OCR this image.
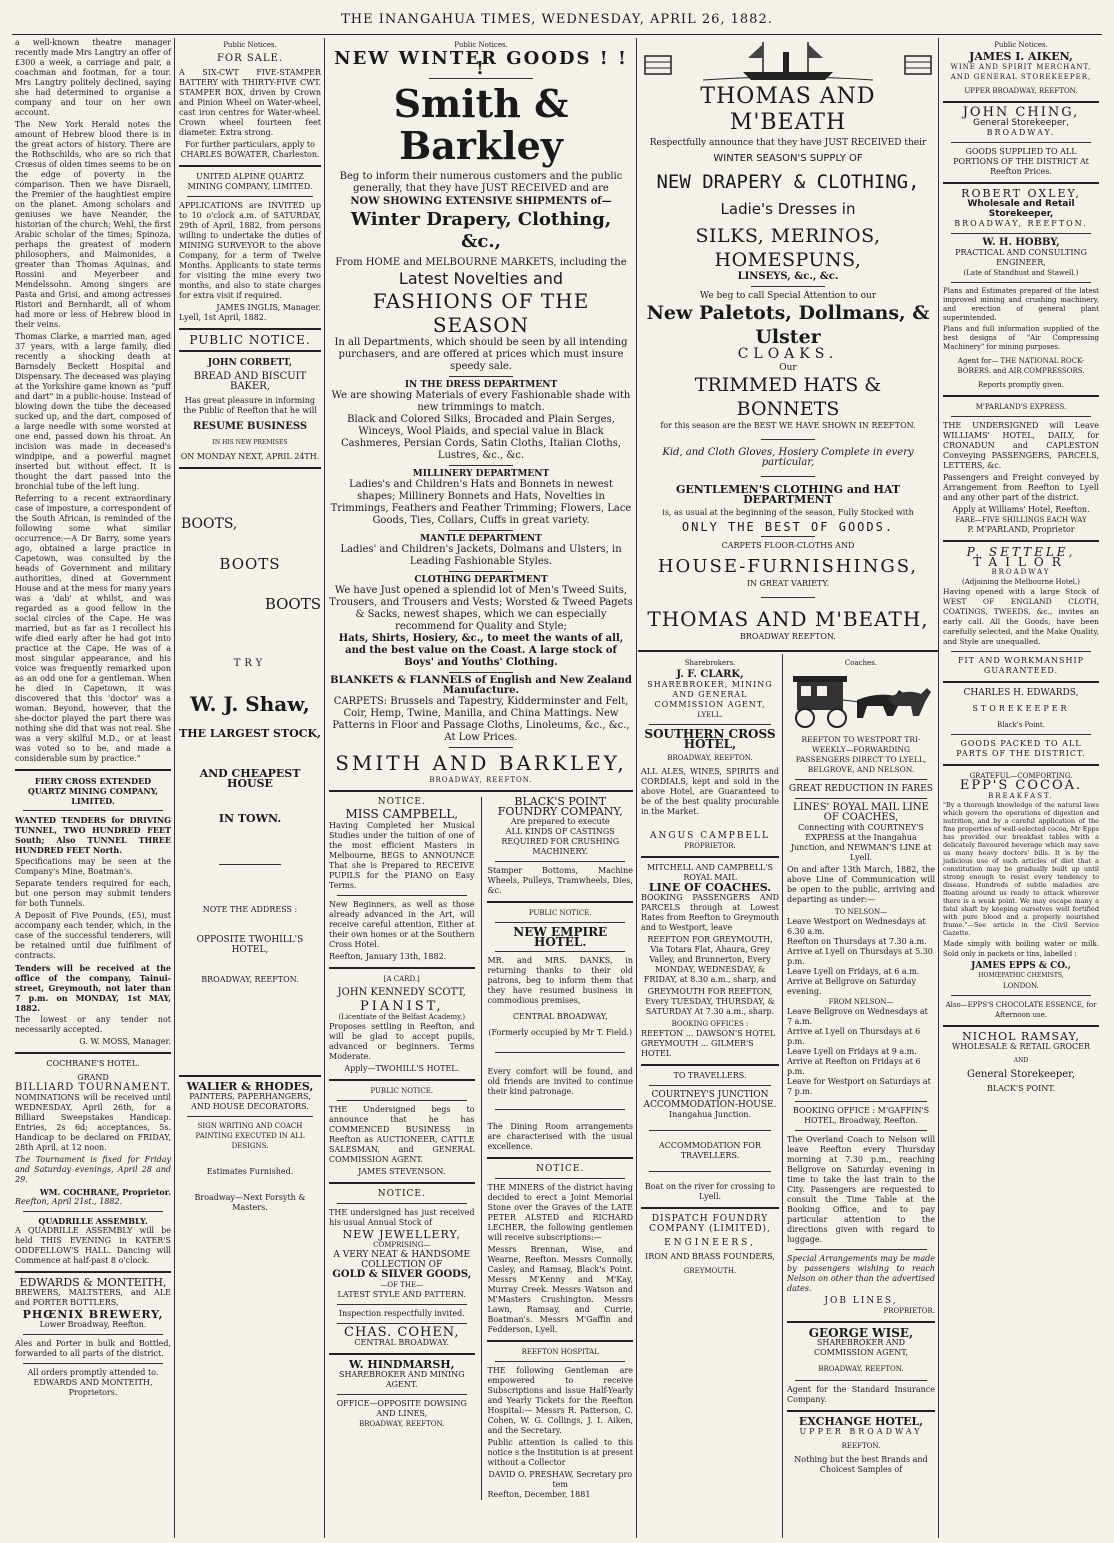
THE INANGAHUA TIMES, WEDNESDAY, APRIL 26, 1882.

a well-known theatre manager recently made Mrs Langtry an offer of £300 a week, a carriage and pair, a coachman and footman, for a tour. Mrs Langtry politely declined, saying she had determined to organise a company and tour on her own account.

The New York Herald notes the amount of Hebrew blood there is in the great actors of history. There are the Rothschilds, who are so rich that Crœsus of olden times seems to be on the edge of poverty in the comparison. Then we have Disraeli, the Premier of the haughtiest empire on the planet. Among scholars and geniuses we have Neander, the historian of the church; Wehl, the first Arabic scholar of the times; Spinoza, perhaps the greatest of modern philosophers, and Maimonides, a greater than Thomas Aquinas, and Rossini and Meyerbeer and Mendelssohn. Among singers are Pasta and Grisi, and among actresses Ristori and Bernhardt, all of whom had more or less of Hebrew blood in their veins.

Thomas Clarke, a married man, aged 37 years, with a large family, died recently a shocking death at Barnsdely Beckett Hospital and Dispensary. The deceased was playing at the Yorkshire game known as "puff and dart" in a public-house. Instead of blowing down the tube the deceased sucked up, and the dart, composed of a large needle with some worsted at one end, passed down his throat. An incision was made in deceased's windpipe, and a powerful magnet inserted but without effect. It is thought the dart passed into the bronchial tube of the left lung.

Referring to a recent extraordinary case of imposture, a correspondent of the South African, is reminded of the following some what similar occurrence:—A Dr Barry, some years ago, obtained a large practice in Capetown, was consulted by the heads of Government and military authorities, dined at Government House and at the mess for many years was a 'dab' at whilst, and was regarded as a good fellow in the social circles of the Cape. He was married, but as far as I recollect his wife died early after he had got into practice at the Cape. He was of a most singular appearance, and his voice was frequently remarked upon as an odd one for a gentleman. When he died in Capetown, it was discovered that this 'doctor' was a woman. Beyond, however, that the she-doctor played the part there was nothing she did that was not real. She was a very skilful M.D., or at least was voted so to be, and made a considerable sum by practice."

FIERY CROSS EXTENDED QUARTZ MINING COMPANY, LIMITED.

WANTED TENDERS for DRIVING TUNNEL, TWO HUNDRED FEET South; Also TUNNEL THREE HUNDRED FEET North.

Specifications may be seen at the Company's Mine, Boatman's.

Separate tenders required for each, but one person may submit tenders for both Tunnels.

A Deposit of Five Pounds, (£5), must accompany each tender, which, in the case of the successful tenderers, will be retained until due fulfilment of contracts.

Tenders will be received at the office of the company, Tainui-street, Greymouth, not later than 7 p.m. on MONDAY, 1st MAY, 1882.

The lowest or any tender not necessarily accepted.

G. W. MOSS, Manager.
COCHRANE'S HOTEL.
GRAND
BILLIARD TOURNAMENT.

NOMINATIONS will be received until WEDNESDAY, April 26th, for a Billiard Sweepstakes Handicap. Entries, 2s 6d; acceptances, 5s. Handicap to be declared on FRIDAY, 28th April, at 12 noon.

The Tournament is fixed for Friday and Saturday evenings, April 28 and 29.

WM. COCHRANE, Proprietor.
Reefton, April 21st., 1882.
QUADRILLE ASSEMBLY.

A QUADRILLE ASSEMBLY will be held THIS EVENING in KATER'S ODDFELLOW'S HALL. Dancing will Commence at half-past 8 o'clock.

EDWARDS & MONTEITH,

BREWERS, MALTSTERS, and ALE and PORTER BOTTLERS,

PHŒNIX BREWERY,
Lower Broadway, Reefton.

Ales and Porter in bulk and Bottled, forwarded to all parts of the district.

All orders promptly attended to.
EDWARDS AND MONTEITH, Proprietors.
Public Notices.
FOR SALE.

A SIX-CWT FIVE-STAMPER BATTERY with THIRTY-FIVE CWT. STAMPER BOX, driven by Crown and Pinion Wheel on Water-wheel, cast iron centres for Water-wheel. Crown wheel fourteen feet diameter. Extra strong.

For further particulars, apply to
CHARLES BOWATER, Charleston.
UNITED ALPINE QUARTZ MINING COMPANY, LIMITED.

APPLICATIONS are INVITED up to 10 o'clock a.m. of SATURDAY, 29th of April, 1882, from persons willing to undertake the duties of MINING SURVEYOR to the above Company, for a term of Twelve Months. Applicants to state terms for visiting the mine every two months, and also to state charges for extra visit if required.

JAMES INGLIS, Manager.
Lyell, 1st April, 1882.
PUBLIC NOTICE.
JOHN CORBETT,
BREAD AND BISCUIT BAKER,
Has great pleasure in informing the Public of Reefton that he will
RESUME BUSINESS
IN HIS NEW PREMISES
ON MONDAY NEXT, APRIL 24TH.
BOOTS,
BOOTS
BOOTS
TRY
W. J. Shaw,
THE LARGEST STOCK,
AND CHEAPEST HOUSE
IN TOWN.
NOTE THE ADDRESS :
OPPOSITE TWOHILL'S HOTEL,
BROADWAY, REEFTON.
WALIER & RHODES,

PAINTERS, PAPERHANGERS, AND HOUSE DECORATORS.

SIGN WRITING AND COACH PAINTING EXECUTED IN ALL DESIGNS.

Estimates Furnished.
Broadway—Next Forsyth & Masters.
Public Notices.
NEW WINTER GOODS ! ! !
Smith & Barkley
Beg to inform their numerous customers and the public generally, that they have JUST RECEIVED and are
NOW SHOWING EXTENSIVE SHIPMENTS of—
Winter Drapery, Clothing, &c.,
From HOME and MELBOURNE MARKETS, including the
Latest Novelties and
FASHIONS OF THE SEASON
In all Departments, which should be seen by all intending purchasers, and are offered at prices which must insure speedy sale.
IN THE DRESS DEPARTMENT
We are showing Materials of every Fashionable shade with new trimmings to match.
Black and Colored Silks, Brocaded and Plain Serges, Winceys, Wool Plaids, and special value in Black Cashmeres, Persian Cords, Satin Cloths, Italian Cloths, Lustres, &c., &c.
MILLINERY DEPARTMENT
Ladies's and Children's Hats and Bonnets in newest shapes; Millinery Bonnets and Hats, Novelties in Trimmings, Feathers and Feather Trimming; Flowers, Lace Goods, Ties, Collars, Cuffs in great variety.
MANTLE DEPARTMENT
Ladies' and Children's Jackets, Dolmans and Ulsters, in Leading Fashionable Styles.
CLOTHING DEPARTMENT
We have Just opened a splendid lot of Men's Tweed Suits, Trousers, and Trousers and Vests; Worsted & Tweed Pagets & Sacks, newest shapes, which we can especially recommend for Quality and Style;
Hats, Shirts, Hosiery, &c., to meet the wants of all, and the best value on the Coast. A large stock of Boys' and Youths' Clothing.
BLANKETS & FLANNELS of English and New Zealand Manufacture.
CARPETS: Brussels and Tapestry, Kidderminster and Felt, Coir, Hemp, Twine, Manilla, and China Mattings. New Patterns in Floor and Passage Cloths, Linoleums, &c., &c., At Low Prices.
SMITH AND BARKLEY,
BROADWAY, REEFTON.
NOTICE.
MISS CAMPBELL,

Having Completed her Musical Studies under the tuition of one of the most efficient Masters in Melbourne, BEGS to ANNOUNCE That she is Prepared to RECEIVE PUPILS for the PIANO on Easy Terms.

New Beginners, as well as those already advanced in the Art, will receive careful attention, Either at their own homes or at the Southern Cross Hotel.

Reefton, January 13th, 1882.
[A CARD.]
JOHN KENNEDY SCOTT,
PIANIST,
(Licentiate of the Belfast Academy,)

Proposes settling in Reefton, and will be glad to accept pupils, advanced or beginners. Terms Moderate.

Apply—TWOHILL'S HOTEL.
PUBLIC NOTICE.

THE Undersigned begs to announce that he has COMMENCED BUSINESS in Reefton as AUCTIONEER, CATTLE SALESMAN, and GENERAL COMMISSION AGENT.

JAMES STEVENSON.
NOTICE.

THE undersigned has just received his usual Annual Stock of

NEW JEWELLERY,
COMPRISING—
A VERY NEAT & HANDSOME COLLECTION OF
GOLD & SILVER GOODS,
—OF THE—
LATEST STYLE AND PATTERN.
Inspection respectfully invited.
CHAS. COHEN,
CENTRAL BROADWAY.
W. HINDMARSH,
SHAREBROKER AND MINING AGENT.
OFFICE—OPPOSITE DOWSING AND LINES,
BROADWAY, REEFTON.
BLACK'S POINT FOUNDRY COMPANY,
Are prepared to execute
ALL KINDS OF CASTINGS REQUIRED FOR CRUSHING MACHINERY.

Stamper Bottoms, Machine Wheels, Pulleys, Tramwheels, Dies, &c.

PUBLIC NOTICE.
NEW EMPIRE HOTEL.

MR. and MRS. DANKS, in returning thanks to their old patrons, beg to inform them that they have resumed business in commodious premises,

CENTRAL BROADWAY,
(Formerly occupied by Mr T. Field.)

Every comfort will be found, and old friends are invited to continue their kind patronage.

The Dining Room arrangements are characterised with the usual excellence.

NOTICE.

THE MINERS of the district having decided to erect a Joint Memorial Stone over the Graves of the LATE PETER ALSTED and RICHARD LECHER, the following gentlemen will receive subscriptions:—

Messrs Brennan, Wise, and Wearne, Reefton. Messrs Connolly, Casley, and Ramsay, Black's Point. Messrs M'Kenny and M'Kay, Murray Creek. Messrs Watson and M'Masters Crushington. Messrs Lawn, Ramsay, and Currie, Boatman's. Messrs M'Gaffin and Fedderson, Lyell.

REEFTON HOSPITAL

THE following Gentleman are empowered to receive Subscriptions and issue Half-Yearly and Yearly Tickets for the Reefton Hospital:— Messrs R. Patterson, C. Cohen, W. G. Collings, J. I. Aiken, and the Secretary.

Public attention is called to this notice s the Institution is at present without a Collector

DAVID O. PRESHAW, Secretary pro tem
Reefton, December, 1881
THOMAS AND M'BEATH
Respectfully announce that they have JUST RECEIVED their
WINTER SEASON'S SUPPLY OF
NEW DRAPERY & CLOTHING,
Ladie's Dresses in
SILKS, MERINOS, HOMESPUNS,
LINSEYS, &c., &c.
We beg to call Special Attention to our
New Paletots, Dollmans, & Ulster
CLOAKS.
Our
TRIMMED HATS & BONNETS
for this season are the BEST WE HAVE SHOWN IN REEFTON.
Kid, and Cloth Gloves, Hosiery Complete in every particular,
GENTLEMEN'S CLOTHING and HAT DEPARTMENT
is, as usual at the beginning of the season, Fully Stocked with
ONLY THE BEST OF GOODS.
CARPETS FLOOR-CLOTHS AND
HOUSE-FURNISHINGS,
IN GREAT VARIETY.
THOMAS AND M'BEATH,
BROADWAY REEFTON.
Sharebrokers.
J. F. CLARK,
SHAREBROKER, MINING AND GENERAL COMMISSION AGENT,
LYELL.
SOUTHERN CROSS HOTEL,
BROADWAY, REEFTON.

ALL ALES, WINES, SPIRITS and CORDIALS, kept and sold in the above Hotel, are Guaranteed to be of the best quality procurable in the Market.

ANGUS CAMPBELL
PROPRIETOR.
MITCHELL AND CAMPBELL'S ROYAL MAIL
LINE OF COACHES.

BOOKING PASSENGERS AND PARCELS through at Lowest Rates from Reefton to Greymouth and to Westport, leave

REEFTON FOR GREYMOUTH,

Via Totara Flat, Ahaura, Grey Valley, and Brunnerton, Every MONDAY, WEDNESDAY, & FRIDAY, at 8.30 a.m., sharp, and

GREYMOUTH FOR REEFTON,

Every TUESDAY, THURSDAY, & SATURDAY At 7.30 a.m., sharp.

BOOKING OFFICES :
REEFTON ... DAWSON'S HOTEL
GREYMOUTH ... GILMER'S HOTEL
TO TRAVELLERS.
COURTNEY'S JUNCTION ACCOMMODATION-HOUSE.
Inangahua Junction.
ACCOMMODATION FOR TRAVELLERS.
Boat on the river for crossing to Lyell.
DISPATCH FOUNDRY COMPANY (LIMITED),
ENGINEERS,
IRON AND BRASS FOUNDERS,
GREYMOUTH.
Coaches.
REEFTON TO WESTPORT TRI-WEEKLY—FORWARDING PASSENGERS DIRECT TO LYELL, BELGROVE, AND NELSON.
GREAT REDUCTION IN FARES
LINES' ROYAL MAIL LINE OF COACHES,

Connecting with COURTNEY'S EXPRESS at the Inangahua Junction, and NEWMAN'S LINE at Lyell.

On and after 13th March, 1882, the above Line of Communication will be open to the public, arriving and departing as under:—

TO NELSON—
Leave Westport on Wednesdays at 6.30 a.m.
Reefton on Thursdays at 7.30 a.m.
Arrive at Lyell on Thursdays at 5.30 p.m.
Leave Lyell on Fridays, at 6 a.m.
Arrive at Bellgrove on Saturday evening.
FROM NELSON—
Leave Bellgrove on Wednesdays at 7 a.m.
Arrive at Lyell on Thursdays at 6 p.m.
Leave Lyell on Fridays at 9 a.m.
Arrive at Reefton on Fridays at 6 p.m.
Leave for Westport on Saturdays at 7 p.m.
BOOKING OFFICE : M'GAFFIN'S HOTEL, Broadway, Reefton.

The Overland Coach to Nelson will leave Reefton every Thursday morning at 7.30 p.m., reaching Bellgrove on Saturday evening in time to take the last train to the City. Passengers are requested to consult the Time Table at the Booking Office, and to pay particular attention to the directions given with regard to luggage.

Special Arrangements may be made by passengers wishing to reach Nelson on other than the advertised dates.

JOB LINES,
PROPRIETOR.
GEORGE WISE,
SHAREBROKER AND COMMISSION AGENT,
BROADWAY, REEFTON.

Agent for the Standard Insurance Company.

EXCHANGE HOTEL,
UPPER BROADWAY
REEFTON.
Nothing but the best Brands and Choicest Samples of
Public Notices.
JAMES I. AIKEN,
WINE AND SPIRIT MERCHANT, AND GENERAL STOREKEEPER,
UPPER BROADWAY, REEFTON.
JOHN CHING,
General Storekeeper,
BROADWAY.
GOODS SUPPLIED TO ALL PORTIONS OF THE DISTRICT At Reefton Prices.
ROBERT OXLEY,
Wholesale and Retail Storekeeper,
BROADWAY, REEFTON.
W. H. HOBBY,
PRACTICAL AND CONSULTING ENGINEER,
(Late of Standhust and Stawell.)

Plans and Estimates prepared of the latest improved mining and crushing machinery, and erection of general plant superintended.

Plans and full information supplied of the best designs of "Air Compressing Machinery" for mining purposes.

Agent for— THE NATIONAL ROCK-BORERS. and AIR COMPRESSORS.
Reports promptly given.
M'PARLAND'S EXPRESS.

THE UNDERSIGNED will Leave WILLIAMS' HOTEL, DAILY, for CRONADUN and CAPLESTON Conveying PASSENGERS, PARCELS, LETTERS, &c.

Passengers and Freight conveyed by Arrangement from Reefton to Lyell and any other part of the district.

Apply at Williams' Hotel, Reefton.
FARE—FIVE SHILLINGS EACH WAY
P. M'PARLAND, Proprietor
P. SETTELE,
TAILOR
BROADWAY
(Adjoining the Melbourne Hotel,)

Having opened with a large Stock of WEST OF ENGLAND CLOTH, COATINGS, TWEEDS, &c., invites an early call. All the Goods, have been carefully selected, and the Make Quality, and Style are unequalled.

FIT AND WORKMANSHIP GUARANTEED.
CHARLES H. EDWARDS,
STOREKEEPER
Black's Point.
GOODS PACKED TO ALL PARTS OF THE DISTRICT.
GRATEFUL—COMFORTING.
EPP'S COCOA.
BREAKFAST.

"By a thorough knowledge of the natural laws which govern the operations of digestion and nutrition, and by a careful application of the fine properties of well-selected cocoa, Mr Epps has provided our breakfast tables with a delicately flavoured beverage which may save us many heavy doctors' bills. It is by the judicious use of such articles of diet that a constitution may be gradually built up until strong enough to resist every tendency to disease. Hundreds of subtle maladies are floating around us ready to attack wherever there is a weak point. We may escape many a fatal shaft by keeping ourselves well fortified with pure blood and a properly nourished frame."—See article in the Civil Service Gazette.

Made simply with boiling water or milk. Sold only in packets or tins, labelled :

JAMES EPPS & CO.,
HOMŒPATHIC CHEMISTS,
LONDON.
Also—EPPS'S CHOCOLATE ESSENCE, for Afternoon use.
NICHOL RAMSAY,
WHOLESALE & RETAIL GROCER
AND
General Storekeeper,
BLACK'S POINT.
